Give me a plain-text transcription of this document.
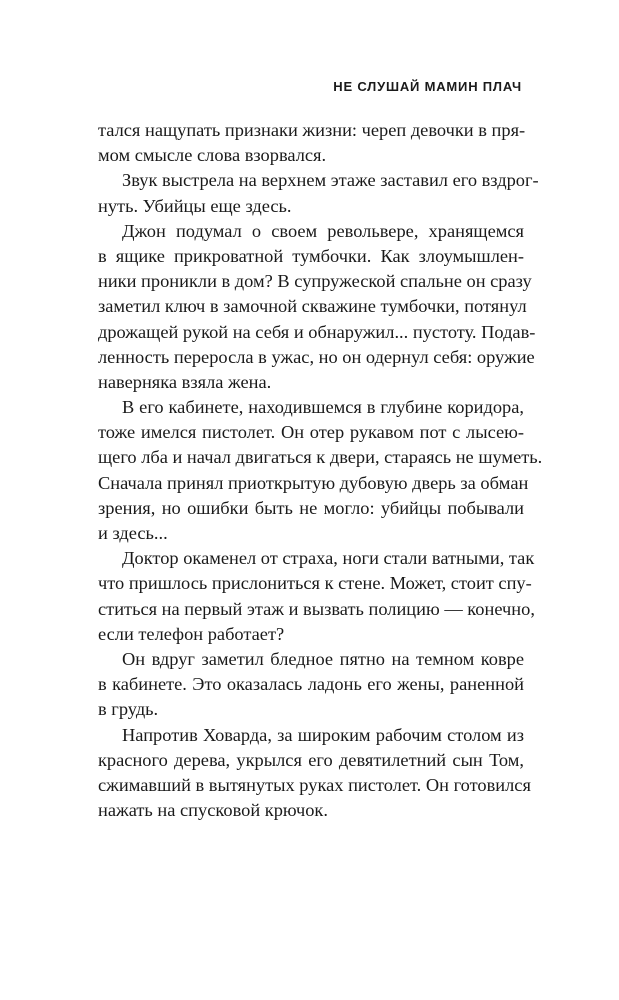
НЕ СЛУШАЙ МАМИН ПЛАЧ
тался нащупать признаки жизни: череп девочки в пря-
мом смысле слова взорвался.
Звук выстрела на верхнем этаже заставил его вздрог-
нуть. Убийцы еще здесь.
Джон подумал о своем револьвере, хранящемся
в ящике прикроватной тумбочки. Как злоумышлен-
ники проникли в дом? В супружеской спальне он сразу
заметил ключ в замочной скважине тумбочки, потянул
дрожащей рукой на себя и обнаружил... пустоту. Подав-
ленность переросла в ужас, но он одернул себя: оружие
наверняка взяла жена.
В его кабинете, находившемся в глубине коридора,
тоже имелся пистолет. Он отер рукавом пот с лысею-
щего лба и начал двигаться к двери, стараясь не шуметь.
Сначала принял приоткрытую дубовую дверь за обман
зрения, но ошибки быть не могло: убийцы побывали
и здесь...
Доктор окаменел от страха, ноги стали ватными, так
что пришлось прислониться к стене. Может, стоит спу-
ститься на первый этаж и вызвать полицию — конечно,
если телефон работает?
Он вдруг заметил бледное пятно на темном ковре
в кабинете. Это оказалась ладонь его жены, раненной
в грудь.
Напротив Ховарда, за широким рабочим столом из
красного дерева, укрылся его девятилетний сын Том,
сжимавший в вытянутых руках пистолет. Он готовился
нажать на спусковой крючок.
